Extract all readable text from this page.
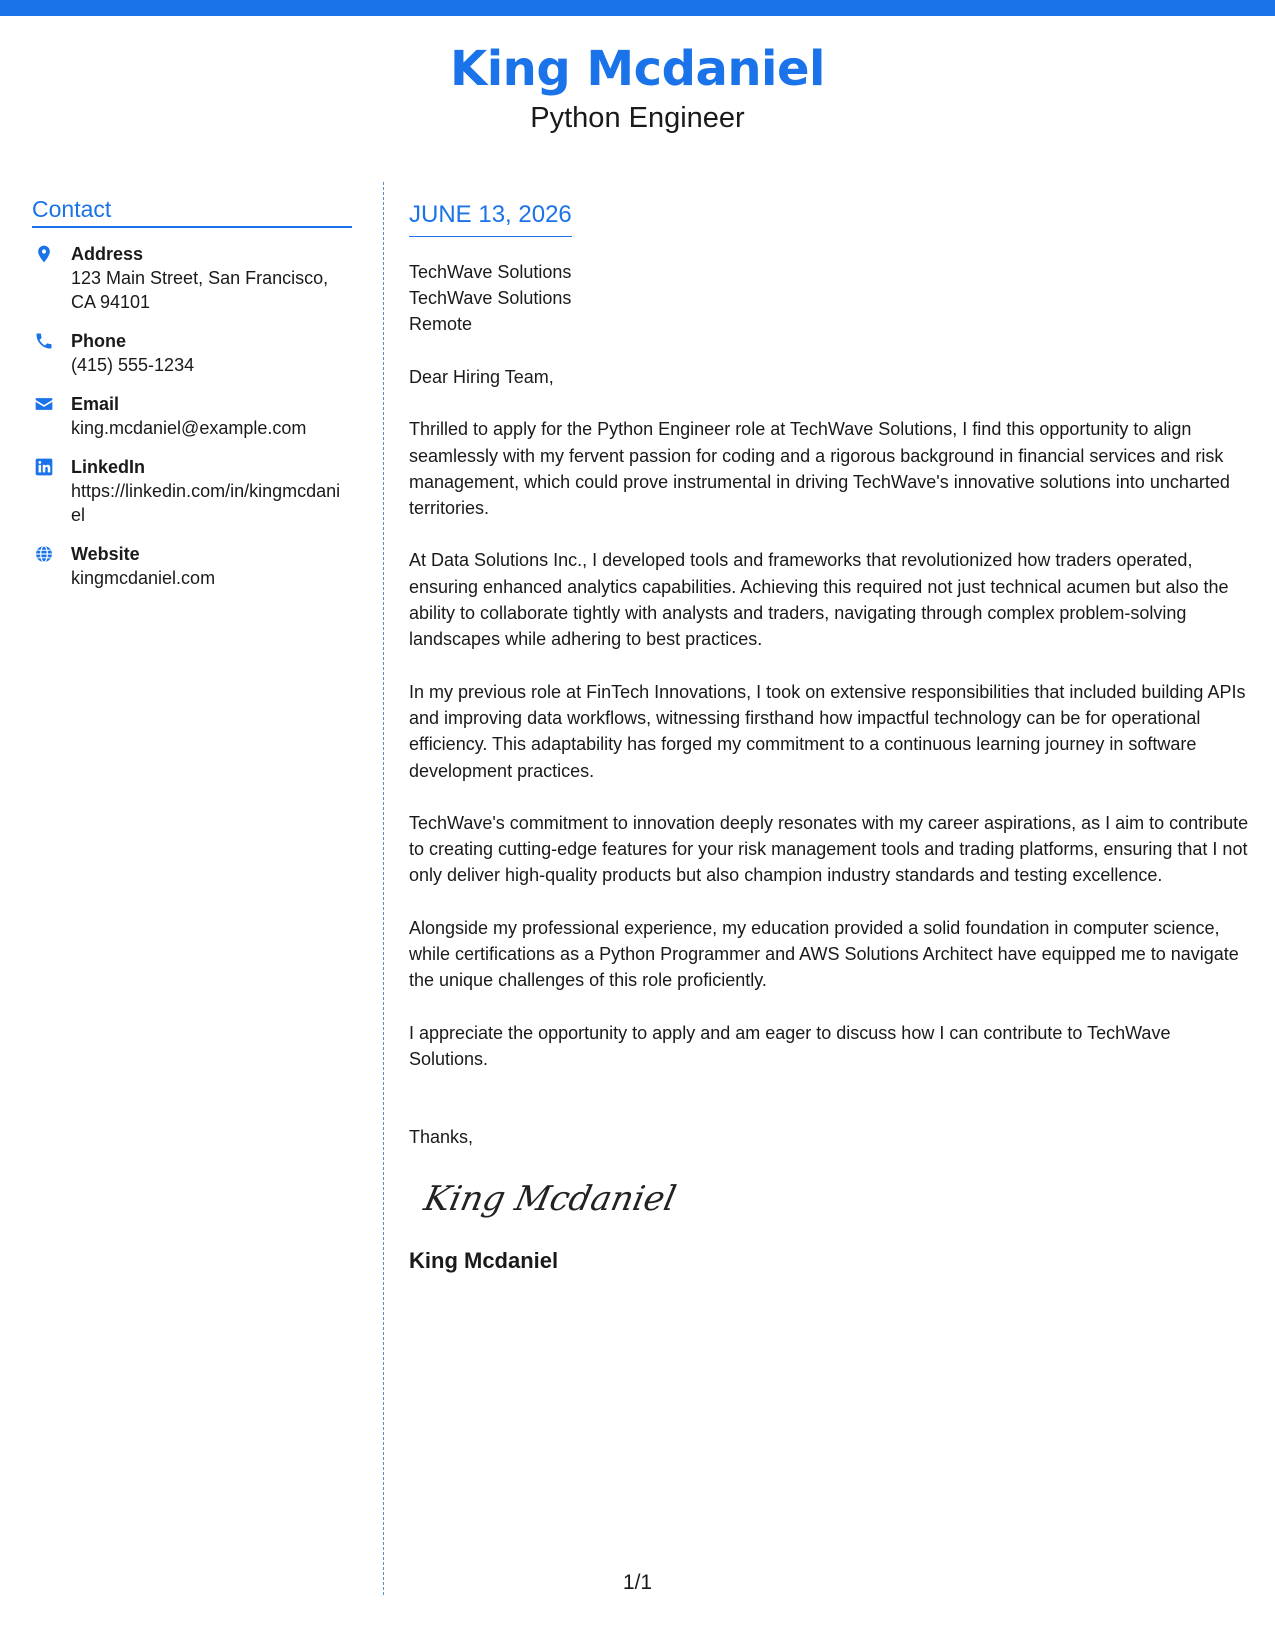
King Mcdaniel
Python Engineer
Contact
Address
123 Main Street, San Francisco, CA 94101
Phone
(415) 555-1234
Email
king.mcdaniel@example.com
LinkedIn
https://linkedin.com/in/kingmcdaniel
Website
kingmcdaniel.com
JUNE 13, 2026
TechWave Solutions
TechWave Solutions
Remote

Dear Hiring Team,

Thrilled to apply for the Python Engineer role at TechWave Solutions, I find this opportunity to align seamlessly with my fervent passion for coding and a rigorous background in financial services and risk management, which could prove instrumental in driving TechWave's innovative solutions into uncharted territories.

At Data Solutions Inc., I developed tools and frameworks that revolutionized how traders operated, ensuring enhanced analytics capabilities. Achieving this required not just technical acumen but also the ability to collaborate tightly with analysts and traders, navigating through complex problem-solving landscapes while adhering to best practices.

In my previous role at FinTech Innovations, I took on extensive responsibilities that included building APIs and improving data workflows, witnessing firsthand how impactful technology can be for operational efficiency. This adaptability has forged my commitment to a continuous learning journey in software development practices.

TechWave's commitment to innovation deeply resonates with my career aspirations, as I aim to contribute to creating cutting-edge features for your risk management tools and trading platforms, ensuring that I not only deliver high-quality products but also champion industry standards and testing excellence.

Alongside my professional experience, my education provided a solid foundation in computer science, while certifications as a Python Programmer and AWS Solutions Architect have equipped me to navigate the unique challenges of this role proficiently.

I appreciate the opportunity to apply and am eager to discuss how I can contribute to TechWave Solutions.

Thanks,
King Mcdaniel
King Mcdaniel
1/1
